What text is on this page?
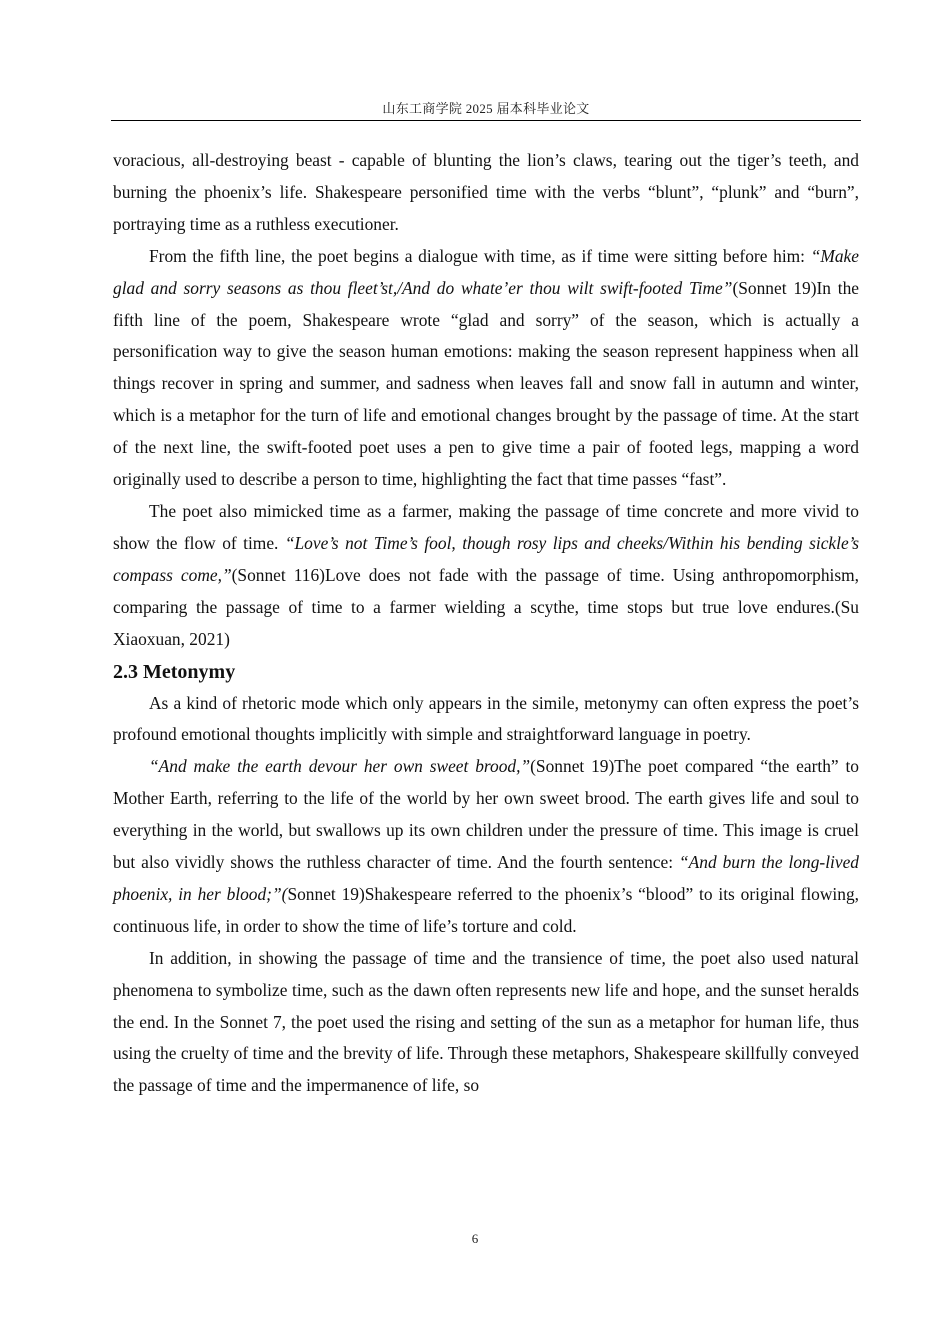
山东工商学院 2025 届本科毕业论文

voracious, all-destroying beast - capable of blunting the lion’s claws, tearing out the tiger’s teeth, and burning the phoenix’s life. Shakespeare personified time with the verbs “blunt”, “plunk” and “burn”, portraying time as a ruthless executioner.

From the fifth line, the poet begins a dialogue with time, as if time were sitting before him: “Make glad and sorry seasons as thou fleet’st,/And do whate’er thou wilt swift-footed Time”(Sonnet 19)In the fifth line of the poem, Shakespeare wrote “glad and sorry” of the season, which is actually a personification way to give the season human emotions: making the season represent happiness when all things recover in spring and summer, and sadness when leaves fall and snow fall in autumn and winter, which is a metaphor for the turn of life and emotional changes brought by the passage of time. At the start of the next line, the swift-footed poet uses a pen to give time a pair of footed legs, mapping a word originally used to describe a person to time, highlighting the fact that time passes “fast”.

The poet also mimicked time as a farmer, making the passage of time concrete and more vivid to show the flow of time. “Love’s not Time’s fool, though rosy lips and cheeks/Within his bending sickle’s compass come,”(Sonnet 116)Love does not fade with the passage of time. Using anthropomorphism, comparing the passage of time to a farmer wielding a scythe, time stops but true love endures.(Su Xiaoxuan, 2021)

2.3 Metonymy

As a kind of rhetoric mode which only appears in the simile, metonymy can often express the poet’s profound emotional thoughts implicitly with simple and straightforward language in poetry.

“And make the earth devour her own sweet brood,”(Sonnet 19)The poet compared “the earth” to Mother Earth, referring to the life of the world by her own sweet brood. The earth gives life and soul to everything in the world, but swallows up its own children under the pressure of time. This image is cruel but also vividly shows the ruthless character of time. And the fourth sentence: “And burn the long-lived phoenix, in her blood;”(Sonnet 19)Shakespeare referred to the phoenix’s “blood” to its original flowing, continuous life, in order to show the time of life’s torture and cold.

In addition, in showing the passage of time and the transience of time, the poet also used natural phenomena to symbolize time, such as the dawn often represents new life and hope, and the sunset heralds the end. In the Sonnet 7, the poet used the rising and setting of the sun as a metaphor for human life, thus using the cruelty of time and the brevity of life. Through these metaphors, Shakespeare skillfully conveyed the passage of time and the impermanence of life, so

6
